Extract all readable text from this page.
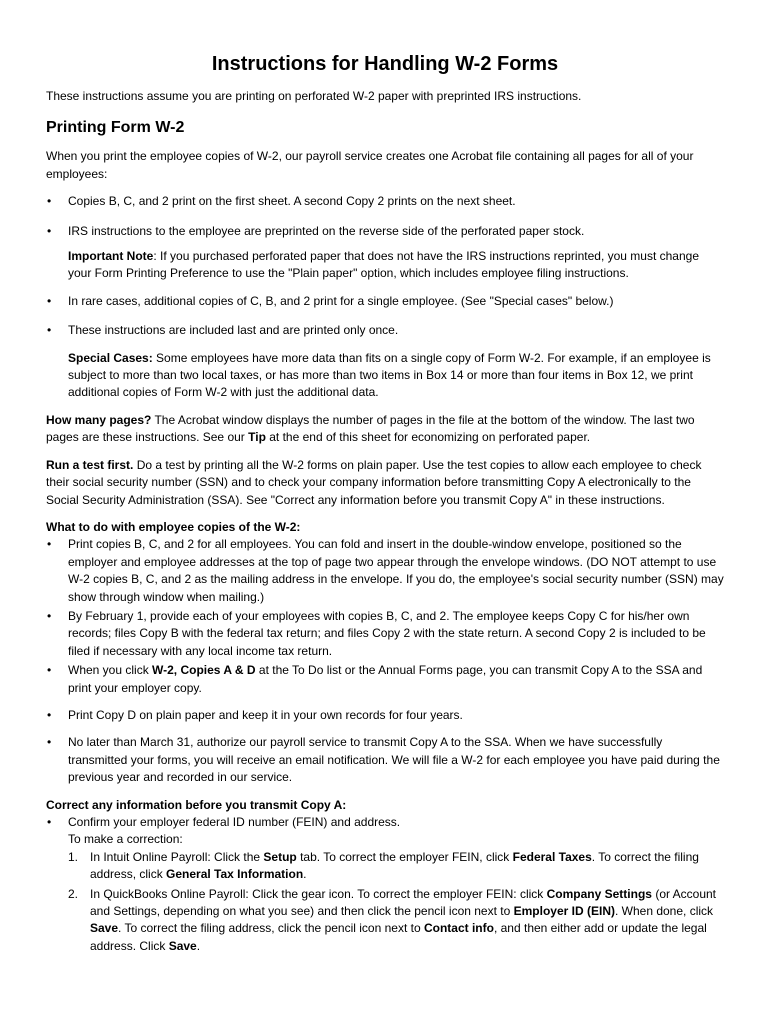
Instructions for Handling W-2 Forms

These instructions assume you are printing on perforated W-2 paper with preprinted IRS instructions.

Printing Form W-2

When you print the employee copies of W-2, our payroll service creates one Acrobat file containing all pages for all of your employees:

• Copies B, C, and 2 print on the first sheet. A second Copy 2 prints on the next sheet.
• IRS instructions to the employee are preprinted on the reverse side of the perforated paper stock.

Important Note: If you purchased perforated paper that does not have the IRS instructions reprinted, you must change your Form Printing Preference to use the "Plain paper" option, which includes employee filing instructions.

• In rare cases, additional copies of C, B, and 2 print for a single employee. (See "Special cases" below.)
• These instructions are included last and are printed only once.

Special Cases: Some employees have more data than fits on a single copy of Form W-2. For example, if an employee is subject to more than two local taxes, or has more than two items in Box 14 or more than four items in Box 12, we print additional copies of Form W-2 with just the additional data.

How many pages? The Acrobat window displays the number of pages in the file at the bottom of the window. The last two pages are these instructions. See our Tip at the end of this sheet for economizing on perforated paper.

Run a test first. Do a test by printing all the W-2 forms on plain paper. Use the test copies to allow each employee to check their social security number (SSN) and to check your company information before transmitting Copy A electronically to the Social Security Administration (SSA). See "Correct any information before you transmit Copy A" in these instructions.

What to do with employee copies of the W-2:

• Print copies B, C, and 2 for all employees. You can fold and insert in the double-window envelope, positioned so the employer and employee addresses at the top of page two appear through the envelope windows. (DO NOT attempt to use W-2 copies B, C, and 2 as the mailing address in the envelope. If you do, the employee's social security number (SSN) may show through window when mailing.)
• By February 1, provide each of your employees with copies B, C, and 2. The employee keeps Copy C for his/her own records; files Copy B with the federal tax return; and files Copy 2 with the state return. A second Copy 2 is included to be filed if necessary with any local income tax return.
• When you click W-2, Copies A & D at the To Do list or the Annual Forms page, you can transmit Copy A to the SSA and print your employer copy.
• Print Copy D on plain paper and keep it in your own records for four years.
• No later than March 31, authorize our payroll service to transmit Copy A to the SSA. When we have successfully transmitted your forms, you will receive an email notification. We will file a W-2 for each employee you have paid during the previous year and recorded in our service.

Correct any information before you transmit Copy A:

• Confirm your employer federal ID number (FEIN) and address.

To make a correction:

1. In Intuit Online Payroll: Click the Setup tab. To correct the employer FEIN, click Federal Taxes. To correct the filing address, click General Tax Information.
2. In QuickBooks Online Payroll: Click the gear icon. To correct the employer FEIN: click Company Settings (or Account and Settings, depending on what you see) and then click the pencil icon next to Employer ID (EIN). When done, click Save. To correct the filing address, click the pencil icon next to Contact info, and then either add or update the legal address. Click Save.
